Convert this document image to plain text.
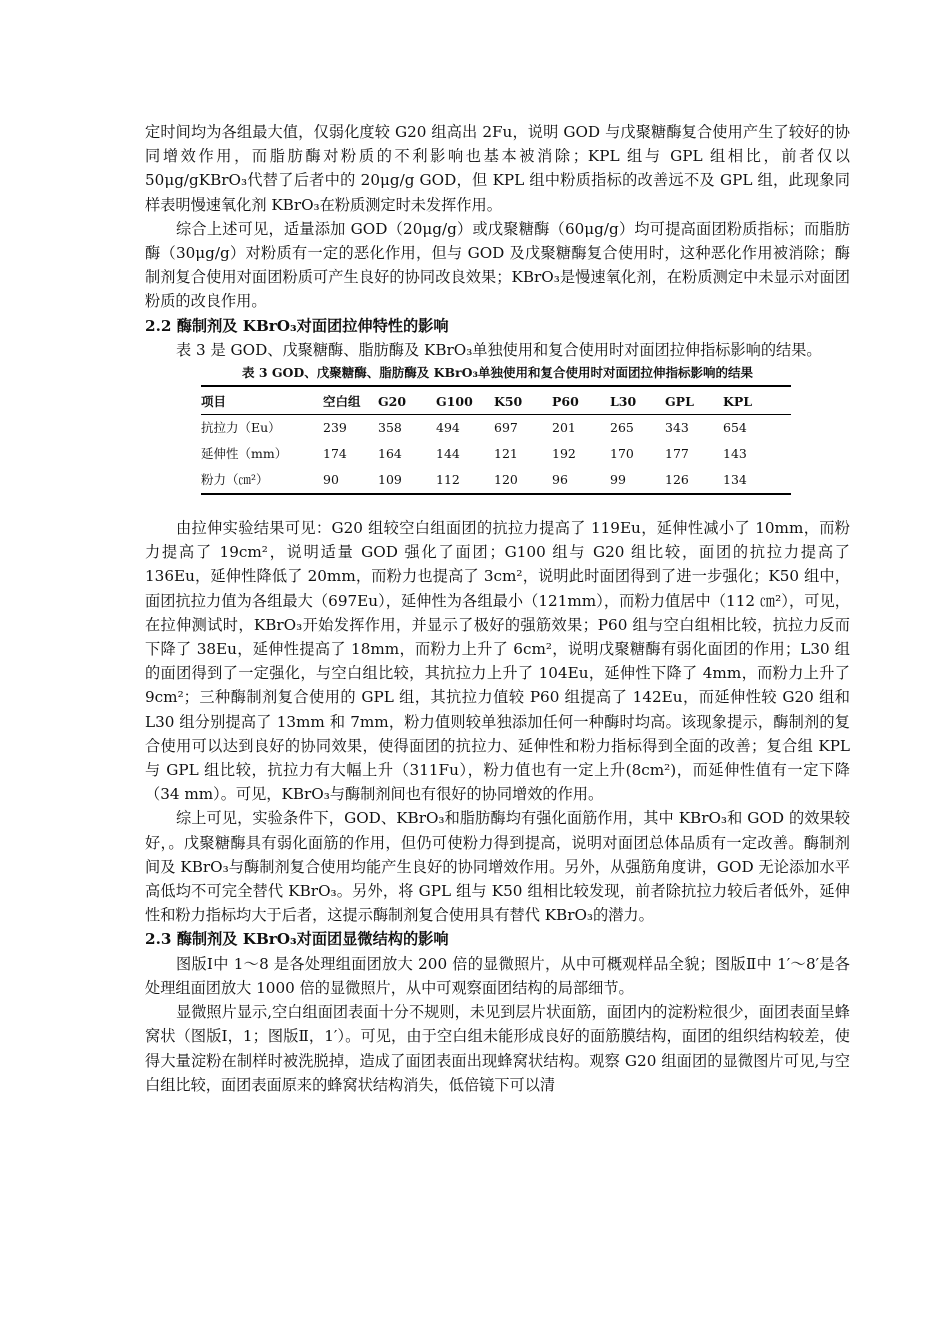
定时间均为各组最大值，仅弱化度较 G20 组高出 2Fu，说明 GOD 与戊聚糖酶复合使用产生了较好的协同增效作用，而脂肪酶对粉质的不利影响也基本被消除；KPL 组与 GPL 组相比，前者仅以 50μg/gKBrO₃代替了后者中的 20μg/g GOD，但 KPL 组中粉质指标的改善远不及 GPL 组，此现象同样表明慢速氧化剂 KBrO₃在粉质测定时未发挥作用。

综合上述可见，适量添加 GOD（20μg/g）或戊聚糖酶（60μg/g）均可提高面团粉质指标；而脂肪酶（30μg/g）对粉质有一定的恶化作用，但与 GOD 及戊聚糖酶复合使用时，这种恶化作用被消除；酶制剂复合使用对面团粉质可产生良好的协同改良效果；KBrO₃是慢速氧化剂，在粉质测定中未显示对面团粉质的改良作用。

2.2 酶制剂及 KBrO₃对面团拉伸特性的影响

表 3 是 GOD、戊聚糖酶、脂肪酶及 KBrO₃单独使用和复合使用时对面团拉伸指标影响的结果。

表 3 GOD、戊聚糖酶、脂肪酶及 KBrO₃单独使用和复合使用时对面团拉伸指标影响的结果
项目	空白组	G20	G100	K50	P60	L30	GPL	KPL
抗拉力（Eu）	239	358	494	697	201	265	343	654
延伸性（mm）	174	164	144	121	192	170	177	143
粉力（㎝²）	90	109	112	120	96	99	126	134

由拉伸实验结果可见：G20 组较空白组面团的抗拉力提高了 119Eu，延伸性减小了 10mm，而粉力提高了 19cm²，说明适量 GOD 强化了面团；G100 组与 G20 组比较，面团的抗拉力提高了 136Eu，延伸性降低了 20mm，而粉力也提高了 3cm²，说明此时面团得到了进一步强化；K50 组中，面团抗拉力值为各组最大（697Eu），延伸性为各组最小（121mm），而粉力值居中（112 ㎝²），可见，在拉伸测试时，KBrO₃开始发挥作用，并显示了极好的强筋效果；P60 组与空白组相比较，抗拉力反而下降了 38Eu，延伸性提高了 18mm，而粉力上升了 6cm²，说明戊聚糖酶有弱化面团的作用；L30 组的面团得到了一定强化，与空白组比较，其抗拉力上升了 104Eu，延伸性下降了 4mm，而粉力上升了 9cm²；三种酶制剂复合使用的 GPL 组，其抗拉力值较 P60 组提高了 142Eu，而延伸性较 G20 组和 L30 组分别提高了 13mm 和 7mm，粉力值则较单独添加任何一种酶时均高。该现象提示，酶制剂的复合使用可以达到良好的协同效果，使得面团的抗拉力、延伸性和粉力指标得到全面的改善；复合组 KPL 与 GPL 组比较，抗拉力有大幅上升（311Fu），粉力值也有一定上升(8cm²)，而延伸性值有一定下降（34 mm）。可见，KBrO₃与酶制剂间也有很好的协同增效的作用。

综上可见，实验条件下，GOD、KBrO₃和脂肪酶均有强化面筋作用，其中 KBrO₃和 GOD 的效果较好，。戊聚糖酶具有弱化面筋的作用，但仍可使粉力得到提高，说明对面团总体品质有一定改善。酶制剂间及 KBrO₃与酶制剂复合使用均能产生良好的协同增效作用。另外，从强筋角度讲，GOD 无论添加水平高低均不可完全替代 KBrO₃。另外，将 GPL 组与 K50 组相比较发现，前者除抗拉力较后者低外，延伸性和粉力指标均大于后者，这提示酶制剂复合使用具有替代 KBrO₃的潜力。

2.3 酶制剂及 KBrO₃对面团显微结构的影响

图版Ⅰ中 1～8 是各处理组面团放大 200 倍的显微照片，从中可概观样品全貌；图版Ⅱ中 1′～8′是各处理组面团放大 1000 倍的显微照片，从中可观察面团结构的局部细节。

显微照片显示,空白组面团表面十分不规则，未见到层片状面筋，面团内的淀粉粒很少，面团表面呈蜂窝状（图版Ⅰ，1；图版Ⅱ，1′）。可见，由于空白组未能形成良好的面筋膜结构，面团的组织结构较差，使得大量淀粉在制样时被洗脱掉，造成了面团表面出现蜂窝状结构。观察 G20 组面团的显微图片可见,与空白组比较，面团表面原来的蜂窝状结构消失，低倍镜下可以清
